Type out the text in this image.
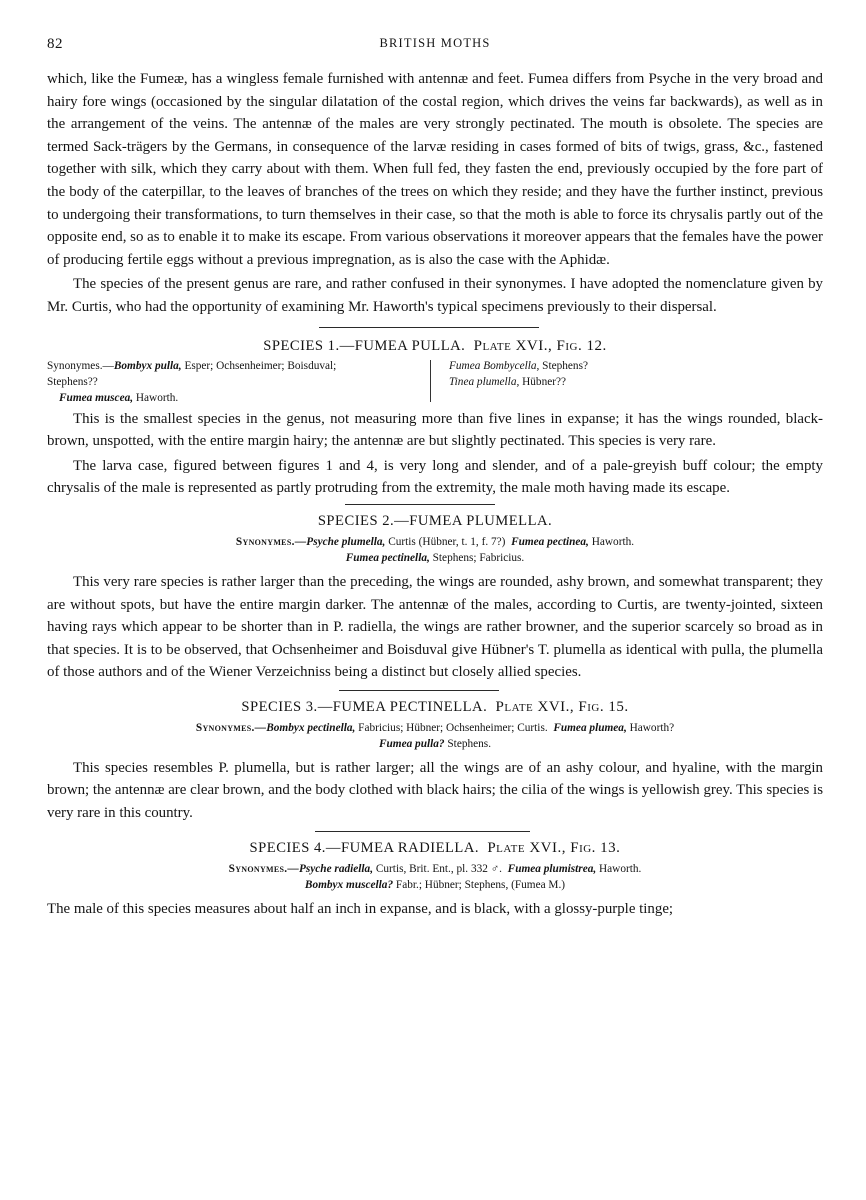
82	BRITISH MOTHS

which, like the Fumeæ, has a wingless female furnished with antennæ and feet. Fumea differs from Psyche in the very broad and hairy fore wings (occasioned by the singular dilatation of the costal region, which drives the veins far backwards), as well as in the arrangement of the veins. The antennæ of the males are very strongly pectinated. The mouth is obsolete. The species are termed Sack-trägers by the Germans, in consequence of the larvæ residing in cases formed of bits of twigs, grass, &c., fastened together with silk, which they carry about with them. When full fed, they fasten the end, previously occupied by the fore part of the body of the caterpillar, to the leaves of branches of the trees on which they reside; and they have the further instinct, previous to undergoing their transformations, to turn themselves in their case, so that the moth is able to force its chrysalis partly out of the opposite end, so as to enable it to make its escape. From various observations it moreover appears that the females have the power of producing fertile eggs without a previous impregnation, as is also the case with the Aphidæ.

The species of the present genus are rare, and rather confused in their synonymes. I have adopted the nomenclature given by Mr. Curtis, who had the opportunity of examining Mr. Haworth's typical specimens previously to their dispersal.

SPECIES 1.—FUMEA PULLA. Plate XVI., Fig. 12.
Synonymes.—Bombyx pulla, Esper; Ochsenheimer; Boisduval;
Stephens??
Fumea muscea, Haworth.
Fumea Bombycella, Stephens?
Tinea plumella, Hübner??

This is the smallest species in the genus, not measuring more than five lines in expanse; it has the wings rounded, black-brown, unspotted, with the entire margin hairy; the antennæ are but slightly pectinated. This species is very rare.

The larva case, figured between figures 1 and 4, is very long and slender, and of a pale-greyish buff colour; the empty chrysalis of the male is represented as partly protruding from the extremity, the male moth having made its escape.

SPECIES 2.—FUMEA PLUMELLA.
Synonymes.—Psyche plumella, Curtis (Hübner, t. 1, f. 7?) Fumea pectinea, Haworth.
Fumea pectinella, Stephens; Fabricius.

This very rare species is rather larger than the preceding, the wings are rounded, ashy brown, and somewhat transparent; they are without spots, but have the entire margin darker. The antennæ of the males, according to Curtis, are twenty-jointed, sixteen having rays which appear to be shorter than in P. radiella, the wings are rather browner, and the superior scarcely so broad as in that species. It is to be observed, that Ochsenheimer and Boisduval give Hübner's T. plumella as identical with pulla, the plumella of those authors and of the Wiener Verzeichniss being a distinct but closely allied species.

SPECIES 3.—FUMEA PECTINELLA. Plate XVI., Fig. 15.
Synonymes.—Bombyx pectinella, Fabricius; Hübner; Ochsenheimer; Curtis. Fumea plumea, Haworth?
Fumea pulla? Stephens.

This species resembles P. plumella, but is rather larger; all the wings are of an ashy colour, and hyaline, with the margin brown; the antennæ are clear brown, and the body clothed with black hairs; the cilia of the wings is yellowish grey. This species is very rare in this country.

SPECIES 4.—FUMEA RADIELLA. Plate XVI., Fig. 13.
Synonymes.—Psyche radiella, Curtis, Brit. Ent., pl. 332 ♂. Fumea plumistrea, Haworth.
Bombyx muscella? Fabr.; Hübner; Stephens, (Fumea M.)

The male of this species measures about half an inch in expanse, and is black, with a glossy-purple tinge;
